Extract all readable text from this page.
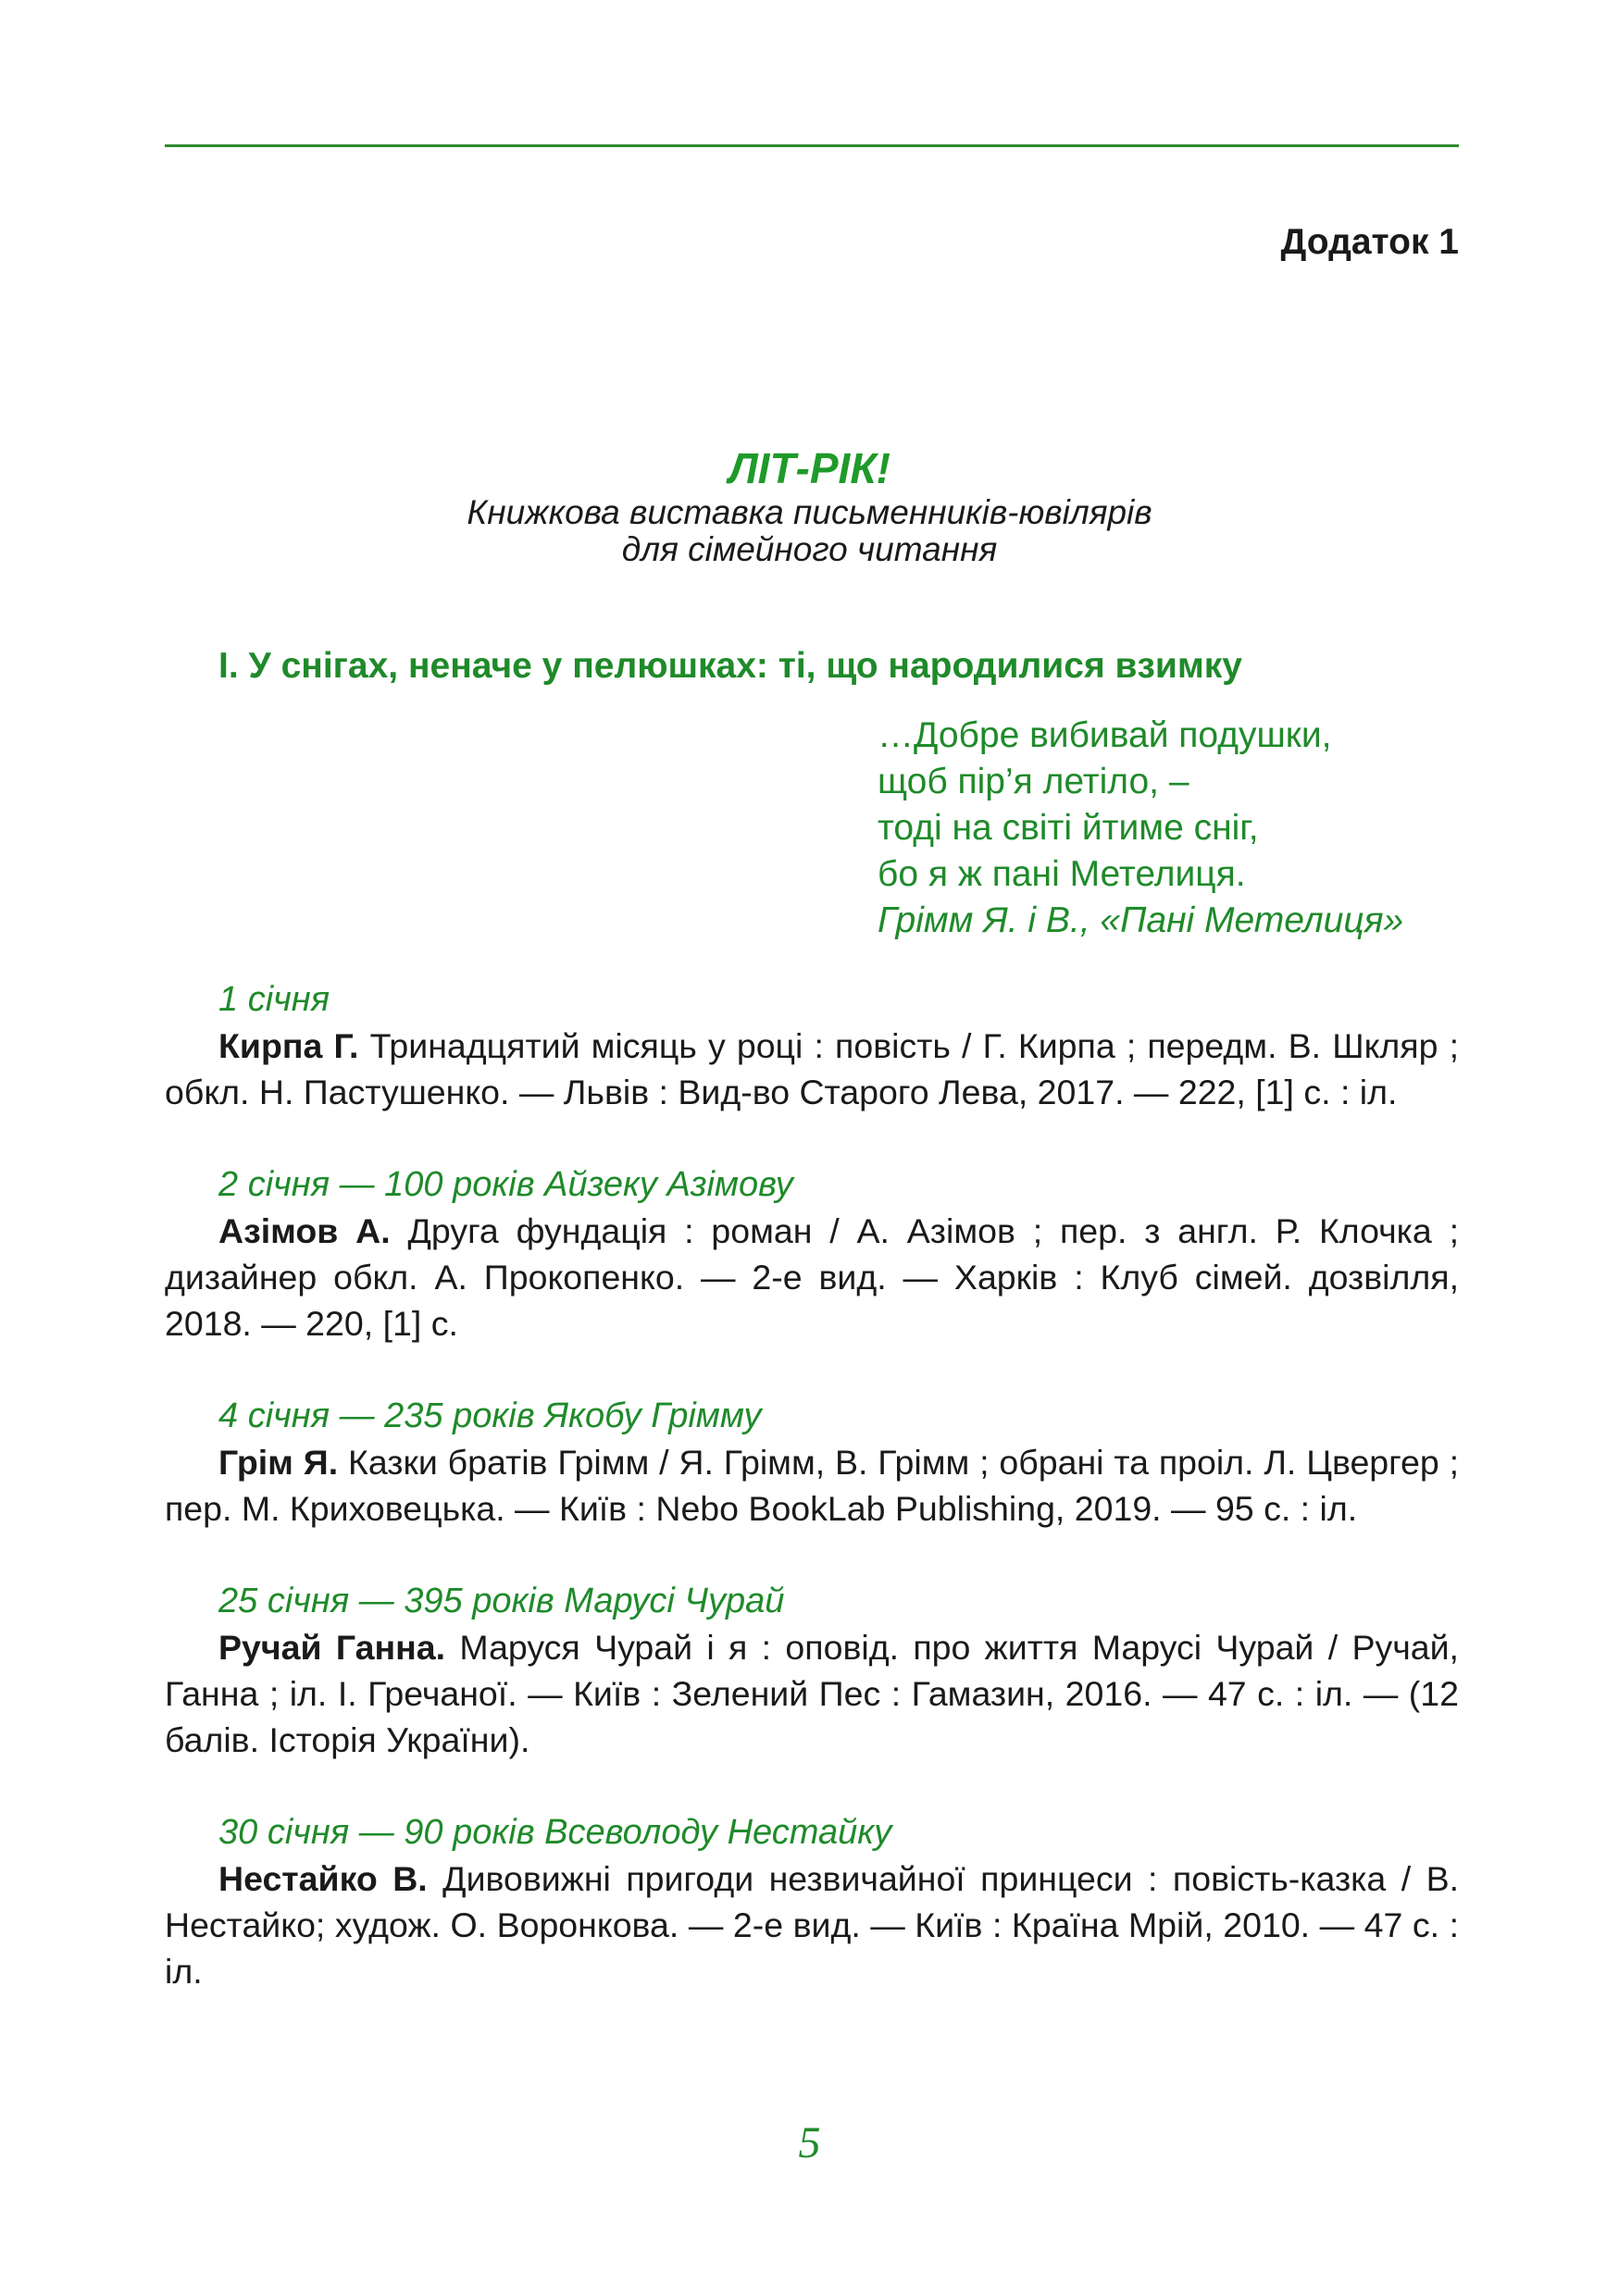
Додаток 1
ЛІТ-РІК!
Книжкова виставка письменників-ювілярів
для сімейного читання
І. У снігах, неначе у пелюшках: ті, що народилися взимку
…Добре вибивай подушки,
щоб пір’я летіло, –
тоді на світі йтиме сніг,
бо я ж пані Метелиця.
Грімм Я. і В., «Пані Метелиця»
1 січня
Кирпа Г. Тринадцятий місяць у році : повість / Г. Кирпа ; передм. В. Шкляр ; обкл. Н. Пастушенко. — Львів : Вид-во Старого Лева, 2017. — 222, [1] с. : іл.
2 січня — 100 років Айзеку Азімову
Азімов А. Друга фундація : роман / А. Азімов ; пер. з англ. Р. Клочка ; дизайнер обкл. А. Прокопенко. — 2-е вид. — Харків : Клуб сімей. дозвілля, 2018. — 220, [1] с.
4 січня — 235 років Якобу Грімму
Грім Я. Казки братів Грімм / Я. Грімм, В. Грімм ; обрані та проіл. Л. Цвергер ; пер. М. Криховецька. — Київ : Nebo BookLab Publishing, 2019. — 95 с. : іл.
25 січня — 395 років Марусі Чурай
Ручай Ганна. Маруся Чурай і я : оповід. про життя Марусі Чурай / Ручай, Ганна ; іл. І. Гречаної. — Київ : Зелений Пес : Гамазин, 2016. — 47 с. : іл. — (12 балів. Історія України).
30 січня — 90 років Всеволоду Нестайку
Нестайко В. Дивовижні пригоди незвичайної принцеси : повість-казка / В. Нестайко; худож. О. Воронкова. — 2-е вид. — Київ : Країна Мрій, 2010. — 47 с. : іл.
5
